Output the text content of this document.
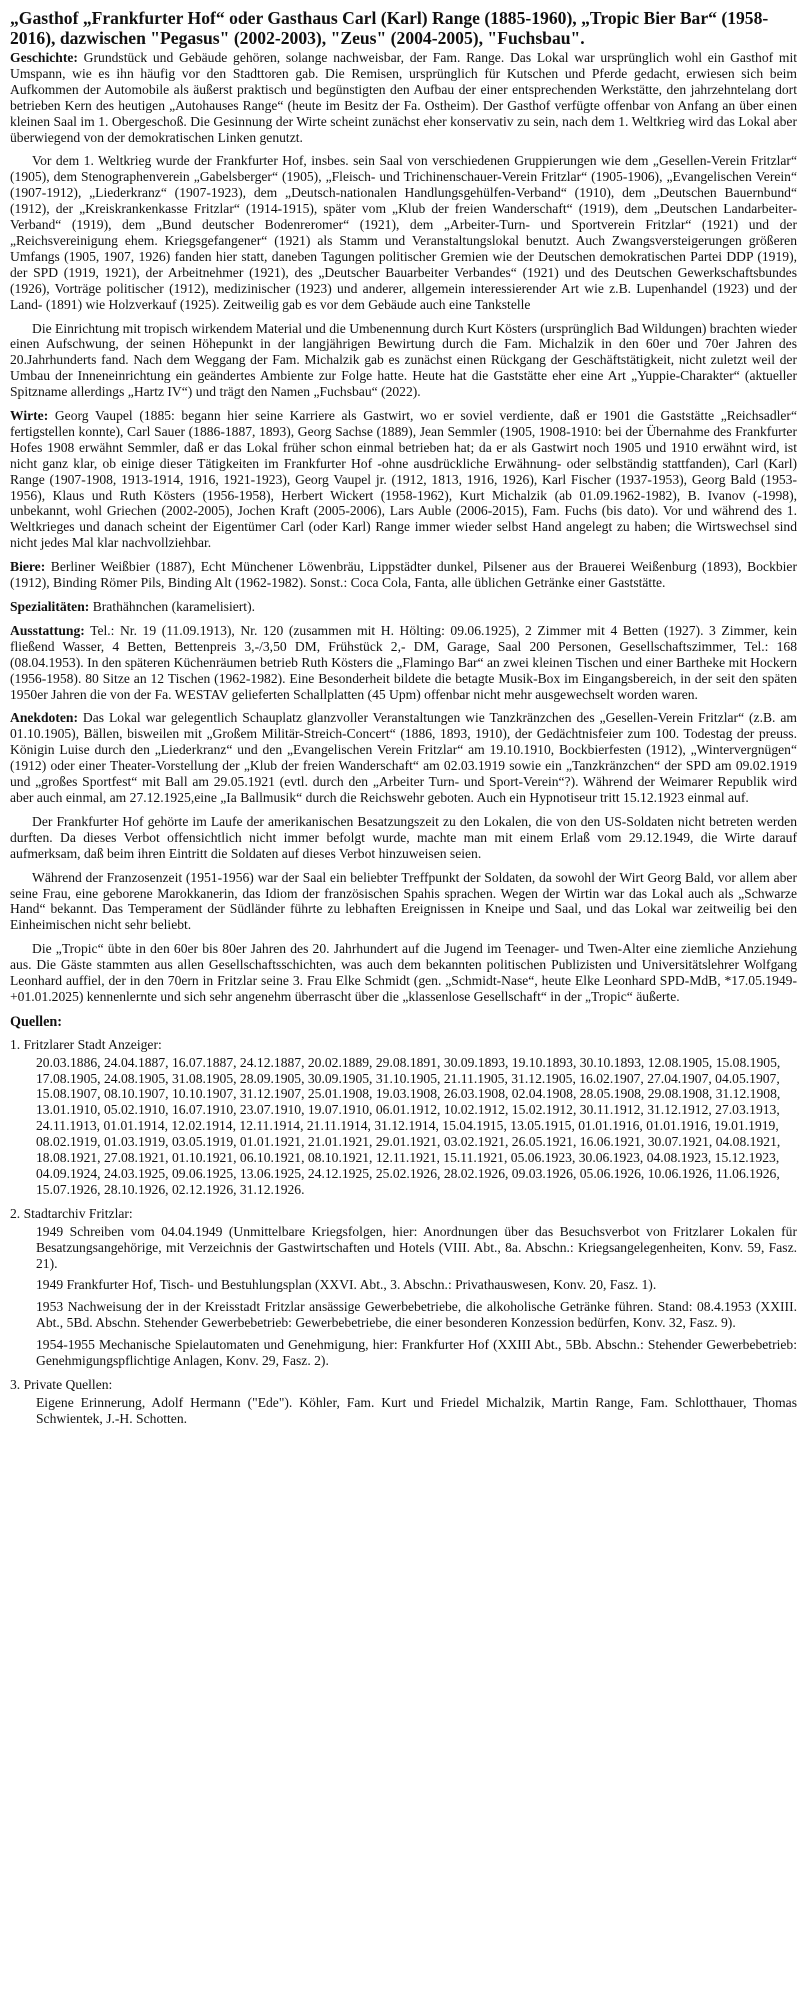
„Gasthof „Frankfurter Hof“ oder Gasthaus Carl (Karl) Range (1885-1960), „Tropic Bier Bar“ (1958-2016), dazwischen "Pegasus" (2002-2003), "Zeus" (2004-2005), "Fuchsbau".

Geschichte: Grundstück und Gebäude gehören, solange nachweisbar, der Fam. Range. Das Lokal war ursprünglich wohl ein Gasthof mit Umspann, wie es ihn häufig vor den Stadttoren gab. Die Remisen, ursprünglich für Kutschen und Pferde gedacht, erwiesen sich beim Aufkommen der Automobile als äußerst praktisch und begünstigten den Aufbau der einer entsprechenden Werkstätte, den jahrzehntelang dort betrieben Kern des heutigen „Autohauses Range“ (heute im Besitz der Fa. Ostheim). Der Gasthof verfügte offenbar von Anfang an über einen kleinen Saal im 1. Obergeschoß. Die Gesinnung der Wirte scheint zunächst eher konservativ zu sein, nach dem 1. Weltkrieg wird das Lokal aber überwiegend von der demokratischen Linken genutzt.

Vor dem 1. Weltkrieg wurde der Frankfurter Hof, insbes. sein Saal von verschiedenen Gruppierungen wie dem „Gesellen-Verein Fritzlar“ (1905), dem Stenographenverein „Gabelsberger“ (1905), „Fleisch- und Trichinenschauer-Verein Fritzlar“ (1905-1906), „Evangelischen Verein“ (1907-1912), „Liederkranz“ (1907-1923), dem „Deutsch-nationalen Handlungsgehülfen-Verband“ (1910), dem „Deutschen Bauernbund“ (1912), der „Kreiskrankenkasse Fritzlar“ (1914-1915), später vom „Klub der freien Wanderschaft“ (1919), dem „Deutschen Landarbeiter-Verband“ (1919), dem „Bund deutscher Bodenreromer“ (1921), dem „Arbeiter-Turn- und Sportverein Fritzlar“ (1921) und der „Reichsvereinigung ehem. Kriegsgefangener“ (1921) als Stamm und Veranstaltungslokal benutzt. Auch Zwangsversteigerungen größeren Umfangs (1905, 1907, 1926) fanden hier statt, daneben Tagungen politischer Gremien wie der Deutschen demokratischen Partei DDP (1919), der SPD (1919, 1921), der Arbeitnehmer (1921), des „Deutscher Bauarbeiter Verbandes“ (1921) und des Deutschen Gewerkschaftsbundes (1926), Vorträge politischer (1912), medizinischer (1923) und anderer, allgemein interessierender Art wie z.B. Lupenhandel (1923) und der Land- (1891) wie Holzverkauf (1925). Zeitweilig gab es vor dem Gebäude auch eine Tankstelle

Die Einrichtung mit tropisch wirkendem Material und die Umbenennung durch Kurt Kösters (ursprünglich Bad Wildungen) brachten wieder einen Aufschwung, der seinen Höhepunkt in der langjährigen Bewirtung durch die Fam. Michalzik in den 60er und 70er Jahren des 20.Jahrhunderts fand. Nach dem Weggang der Fam. Michalzik gab es zunächst einen Rückgang der Geschäftstätigkeit, nicht zuletzt weil der Umbau der Inneneinrichtung ein geändertes Ambiente zur Folge hatte. Heute hat die Gaststätte eher eine Art „Yuppie-Charakter“ (aktueller Spitzname allerdings „Hartz IV“) und trägt den Namen „Fuchsbau“ (2022).

Wirte: Georg Vaupel (1885: begann hier seine Karriere als Gastwirt, wo er soviel verdiente, daß er 1901 die Gaststätte „Reichsadler“ fertigstellen konnte), Carl Sauer (1886-1887, 1893), Georg Sachse (1889), Jean Semmler (1905, 1908-1910: bei der Übernahme des Frankfurter Hofes 1908 erwähnt Semmler, daß er das Lokal früher schon einmal betrieben hat; da er als Gastwirt noch 1905 und 1910 erwähnt wird, ist nicht ganz klar, ob einige dieser Tätigkeiten im Frankfurter Hof -ohne ausdrückliche Erwähnung- oder selbständig stattfanden), Carl (Karl) Range (1907-1908, 1913-1914, 1916, 1921-1923), Georg Vaupel jr. (1912, 1813, 1916, 1926), Karl Fischer (1937-1953), Georg Bald (1953-1956), Klaus und Ruth Kösters (1956-1958), Herbert Wickert (1958-1962), Kurt Michalzik (ab 01.09.1962-1982), B. Ivanov (-1998), unbekannt, wohl Griechen (2002-2005), Jochen Kraft (2005-2006), Lars Auble (2006-2015), Fam. Fuchs (bis dato). Vor und während des 1. Weltkrieges und danach scheint der Eigentümer Carl (oder Karl) Range immer wieder selbst Hand angelegt zu haben; die Wirtswechsel sind nicht jedes Mal klar nachvollziehbar.

Biere: Berliner Weißbier (1887), Echt Münchener Löwenbräu, Lippstädter dunkel, Pilsener aus der Brauerei Weißenburg (1893), Bockbier (1912), Binding Römer Pils, Binding Alt (1962-1982). Sonst.: Coca Cola, Fanta, alle üblichen Getränke einer Gaststätte.

Spezialitäten: Brathähnchen (karamelisiert).

Ausstattung: Tel.: Nr. 19 (11.09.1913), Nr. 120 (zusammen mit H. Hölting: 09.06.1925), 2 Zimmer mit 4 Betten (1927). 3 Zimmer, kein fließend Wasser, 4 Betten, Bettenpreis 3,-/3,50 DM, Frühstück 2,- DM, Garage, Saal 200 Personen, Gesellschaftszimmer, Tel.: 168 (08.04.1953). In den späteren Küchenräumen betrieb Ruth Kösters die „Flamingo Bar“ an zwei kleinen Tischen und einer Bartheke mit Hockern (1956-1958). 80 Sitze an 12 Tischen (1962-1982). Eine Besonderheit bildete die betagte Musik-Box im Eingangsbereich, in der seit den späten 1950er Jahren die von der Fa. WESTAV gelieferten Schallplatten (45 Upm) offenbar nicht mehr ausgewechselt worden waren.

Anekdoten: Das Lokal war gelegentlich Schauplatz glanzvoller Veranstaltungen wie Tanzkränzchen des „Gesellen-Verein Fritzlar“ (z.B. am 01.10.1905), Bällen, bisweilen mit „Großem Militär-Streich-Concert“ (1886, 1893, 1910), der Gedächtnisfeier zum 100. Todestag der preuss. Königin Luise durch den „Liederkranz“ und den „Evangelischen Verein Fritzlar“ am 19.10.1910, Bockbierfesten (1912), „Wintervergnügen“ (1912) oder einer Theater-Vorstellung der „Klub der freien Wanderschaft“ am 02.03.1919 sowie ein „Tanzkränzchen“ der SPD am 09.02.1919 und „großes Sportfest“ mit Ball am 29.05.1921 (evtl. durch den „Arbeiter Turn- und Sport-Verein“?). Während der Weimarer Republik wird aber auch einmal, am 27.12.1925,eine „Ia Ballmusik“ durch die Reichswehr geboten. Auch ein Hypnotiseur tritt 15.12.1923 einmal auf.

Der Frankfurter Hof gehörte im Laufe der amerikanischen Besatzungszeit zu den Lokalen, die von den US-Soldaten nicht betreten werden durften. Da dieses Verbot offensichtlich nicht immer befolgt wurde, machte man mit einem Erlaß vom 29.12.1949, die Wirte darauf aufmerksam, daß beim ihren Eintritt die Soldaten auf dieses Verbot hinzuweisen seien.

Während der Franzosenzeit (1951-1956) war der Saal ein beliebter Treffpunkt der Soldaten, da sowohl der Wirt Georg Bald, vor allem aber seine Frau, eine geborene Marokkanerin, das Idiom der französischen Spahis sprachen. Wegen der Wirtin war das Lokal auch als „Schwarze Hand“ bekannt. Das Temperament der Südländer führte zu lebhaften Ereignissen in Kneipe und Saal, und das Lokal war zeitweilig bei den Einheimischen nicht sehr beliebt.

Die „Tropic“ übte in den 60er bis 80er Jahren des 20. Jahrhundert auf die Jugend im Teenager- und Twen-Alter eine ziemliche Anziehung aus. Die Gäste stammten aus allen Gesellschaftsschichten, was auch dem bekannten politischen Publizisten und Universitätslehrer Wolfgang Leonhard auffiel, der in den 70ern in Fritzlar seine 3. Frau Elke Schmidt (gen. „Schmidt-Nase“, heute Elke Leonhard SPD-MdB, *17.05.1949-+01.01.2025) kennenlernte und sich sehr angenehm überrascht über die „klassenlose Gesellschaft“ in der „Tropic“ äußerte.

Quellen:
1. Fritzlarer Stadt Anzeiger:
20.03.1886, 24.04.1887, 16.07.1887, 24.12.1887, 20.02.1889, 29.08.1891, 30.09.1893, 19.10.1893, 30.10.1893, 12.08.1905, 15.08.1905, 17.08.1905, 24.08.1905, 31.08.1905, 28.09.1905, 30.09.1905, 31.10.1905, 21.11.1905, 31.12.1905, 16.02.1907, 27.04.1907, 04.05.1907, 15.08.1907, 08.10.1907, 10.10.1907, 31.12.1907, 25.01.1908, 19.03.1908, 26.03.1908, 02.04.1908, 28.05.1908, 29.08.1908, 31.12.1908, 13.01.1910, 05.02.1910, 16.07.1910, 23.07.1910, 19.07.1910, 06.01.1912, 10.02.1912, 15.02.1912, 30.11.1912, 31.12.1912, 27.03.1913, 24.11.1913, 01.01.1914, 12.02.1914, 12.11.1914, 21.11.1914, 31.12.1914, 15.04.1915, 13.05.1915, 01.01.1916, 01.01.1916, 19.01.1919, 08.02.1919, 01.03.1919, 03.05.1919, 01.01.1921, 21.01.1921, 29.01.1921, 03.02.1921, 26.05.1921, 16.06.1921, 30.07.1921, 04.08.1921, 18.08.1921, 27.08.1921, 01.10.1921, 06.10.1921, 08.10.1921, 12.11.1921, 15.11.1921, 05.06.1923, 30.06.1923, 04.08.1923, 15.12.1923, 04.09.1924, 24.03.1925, 09.06.1925, 13.06.1925, 24.12.1925, 25.02.1926, 28.02.1926, 09.03.1926, 05.06.1926, 10.06.1926, 11.06.1926, 15.07.1926, 28.10.1926, 02.12.1926, 31.12.1926.
2. Stadtarchiv Fritzlar:

1949 Schreiben vom 04.04.1949 (Unmittelbare Kriegsfolgen, hier: Anordnungen über das Besuchsverbot von Fritzlarer Lokalen für Besatzungsangehörige, mit Verzeichnis der Gastwirtschaften und Hotels (VIII. Abt., 8a. Abschn.: Kriegsangelegenheiten, Konv. 59, Fasz. 21).

1949 Frankfurter Hof, Tisch- und Bestuhlungsplan (XXVI. Abt., 3. Abschn.: Privathauswesen, Konv. 20, Fasz. 1).

1953 Nachweisung der in der Kreisstadt Fritzlar ansässige Gewerbebetriebe, die alkoholische Getränke führen. Stand: 08.4.1953 (XXIII. Abt., 5Bd. Abschn. Stehender Gewerbebetrieb: Gewerbebetriebe, die einer besonderen Konzession bedürfen, Konv. 32, Fasz. 9).

1954-1955 Mechanische Spielautomaten und Genehmigung, hier: Frankfurter Hof (XXIII Abt., 5Bb. Abschn.: Stehender Gewerbebetrieb: Genehmigungspflichtige Anlagen, Konv. 29, Fasz. 2).

3. Private Quellen:
Eigene Erinnerung, Adolf Hermann ("Ede"). Köhler, Fam. Kurt und Friedel Michalzik, Martin Range, Fam. Schlotthauer, Thomas Schwientek, J.-H. Schotten.
